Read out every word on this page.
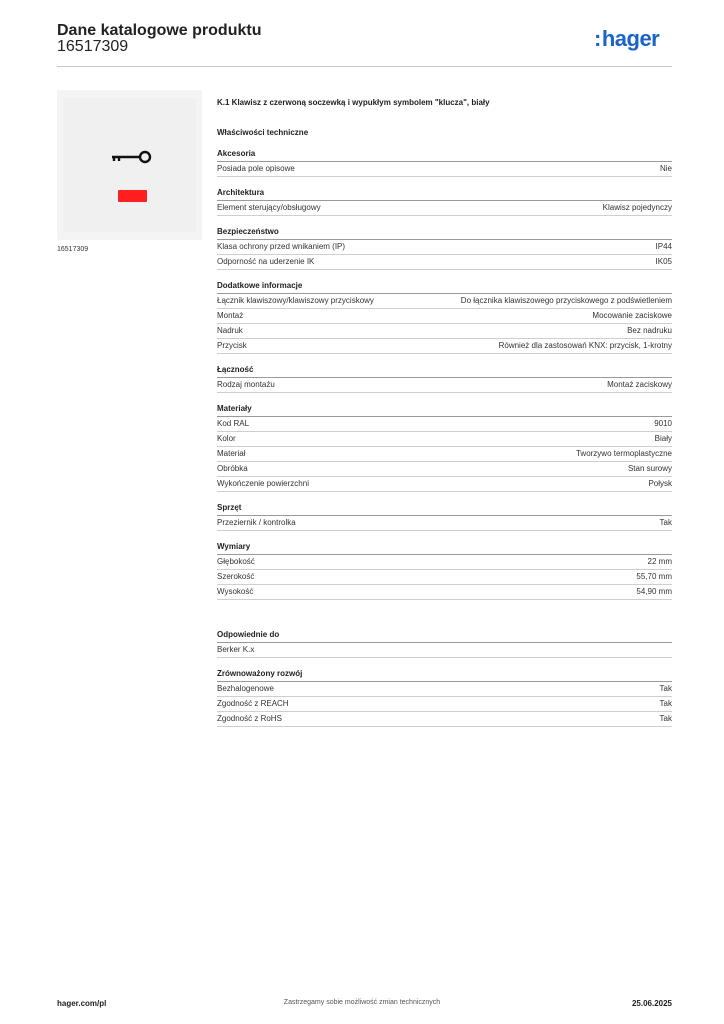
Dane katalogowe produktu
16517309	:hager
16517309
K.1 Klawisz z czerwoną soczewką i wypukłym symbolem "klucza", biały
Właściwości techniczne
Akcesoria
Posiada pole opisowe	Nie
Architektura
Element sterujący/obsługowy	Klawisz pojedynczy
Bezpieczeństwo
Klasa ochrony przed wnikaniem (IP)	IP44
Odporność na uderzenie IK	IK05
Dodatkowe informacje
Łącznik klawiszowy/klawiszowy przyciskowy	Do łącznika klawiszowego przyciskowego z podświetleniem
Montaż	Mocowanie zaciskowe
Nadruk	Bez nadruku
Przycisk	Również dla zastosowań KNX: przycisk, 1-krotny
Łączność
Rodzaj montażu	Montaż zaciskowy
Materiały
Kod RAL	9010
Kolor	Biały
Materiał	Tworzywo termoplastyczne
Obróbka	Stan surowy
Wykończenie powierzchni	Połysk
Sprzęt
Przeziernik / kontrolka	Tak
Wymiary
Głębokość	22 mm
Szerokość	55,70 mm
Wysokość	54,90 mm
Odpowiednie do
Berker K.x
Zrównoważony rozwój
Bezhalogenowe	Tak
Zgodność z REACH	Tak
Zgodność z RoHS	Tak
hager.com/pl	Zastrzegamy sobie możliwość zmian technicznych	25.06.2025
